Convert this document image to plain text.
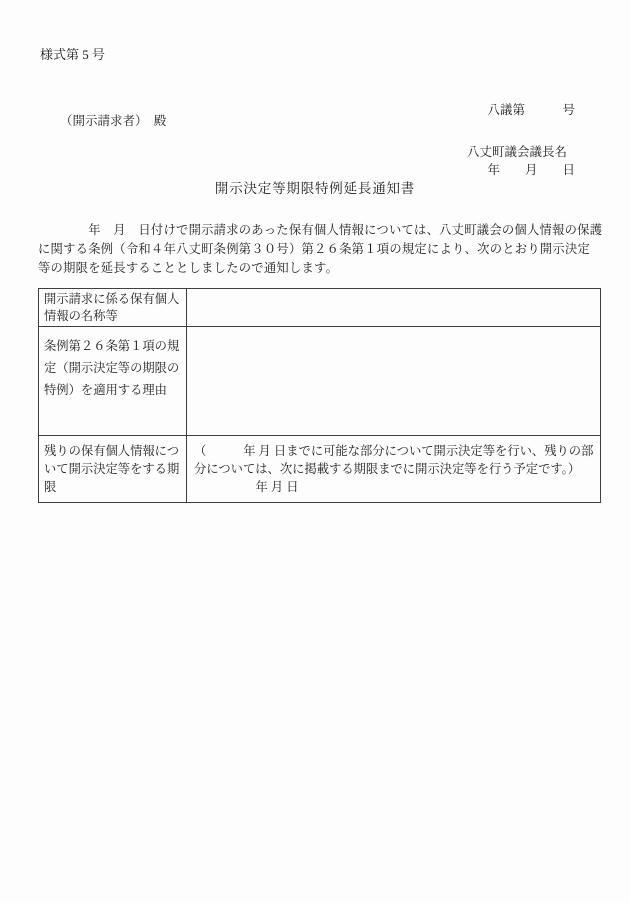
様式第 5 号

八議第　　　号

年　　月　　日

（開示請求者）　殿
八丈町議会議長名
開示決定等期限特例延長通知書
　　　　年　月　日付けで開示請求のあった保有個人情報については、八丈町議会の個人情報の保護
に関する条例（令和４年八丈町条例第３０号）第２６条第１項の規定により、次のとおり開示決定
等の期限を延長することとしましたので通知します。
開示請求に係る保有個人情報の名称等	
条例第２６条第１項の規定（開示決定等の期限の特例）を適用する理由	
残りの保有個人情報について開示決定等をする期限	（　　　年 月 日までに可能な部分について開示決定等を行い、残りの部
分については、次に掲載する期限までに開示決定等を行う予定です。）
　　　　　年 月 日
